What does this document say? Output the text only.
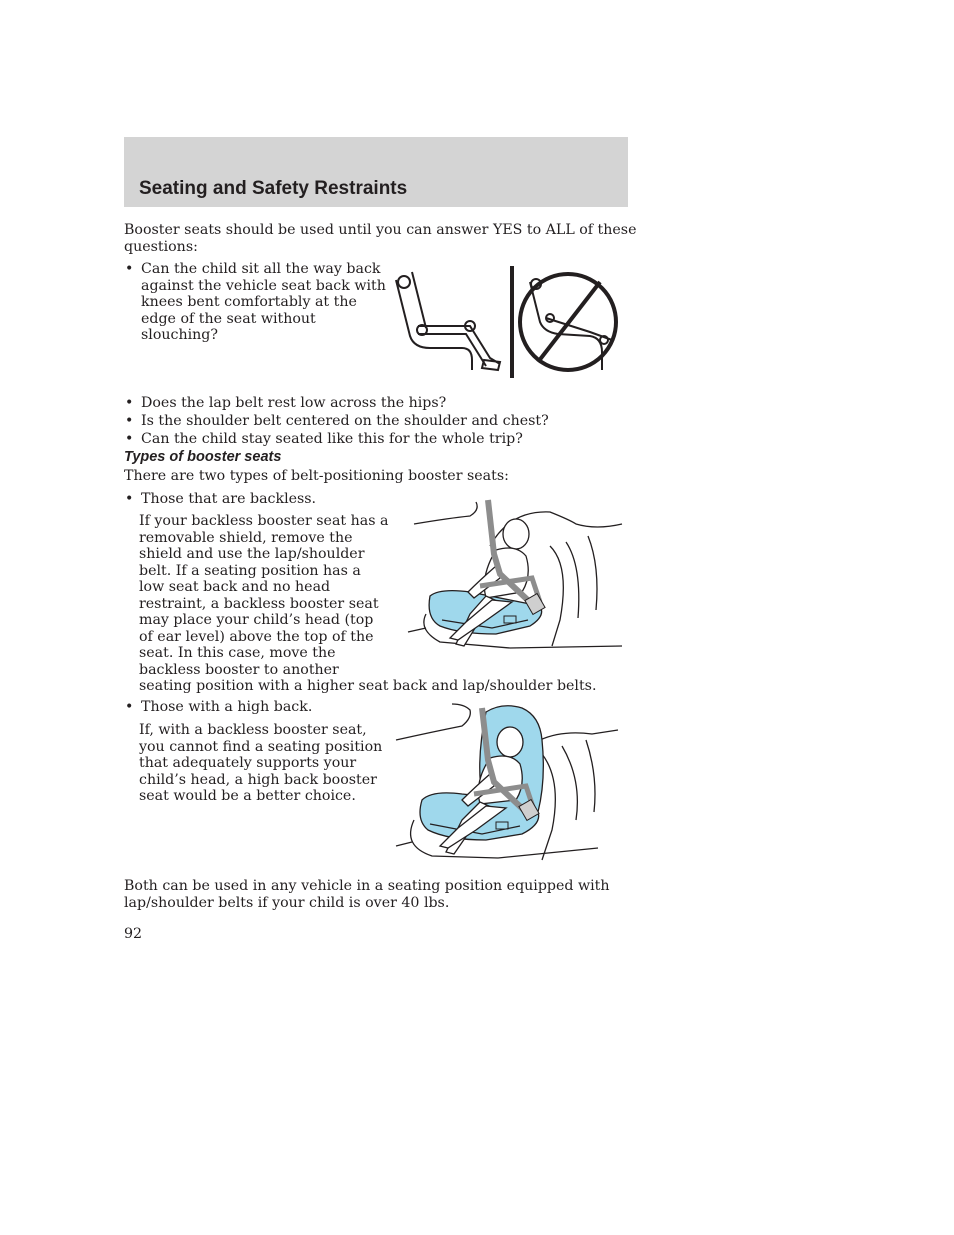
Seating and Safety Restraints
Booster seats should be used until you can answer YES to ALL of these
questions:
• Can the child sit all the way back
against the vehicle seat back with
knees bent comfortably at the
edge of the seat without
slouching?
• Does the lap belt rest low across the hips?
• Is the shoulder belt centered on the shoulder and chest?
• Can the child stay seated like this for the whole trip?
Types of booster seats
There are two types of belt-positioning booster seats:
• Those that are backless.
If your backless booster seat has a
removable shield, remove the
shield and use the lap/shoulder
belt. If a seating position has a
low seat back and no head
restraint, a backless booster seat
may place your child’s head (top
of ear level) above the top of the
seat. In this case, move the
backless booster to another
seating position with a higher seat back and lap/shoulder belts.
• Those with a high back.
If, with a backless booster seat,
you cannot find a seating position
that adequately supports your
child’s head, a high back booster
seat would be a better choice.
Both can be used in any vehicle in a seating position equipped with
lap/shoulder belts if your child is over 40 lbs.
92
